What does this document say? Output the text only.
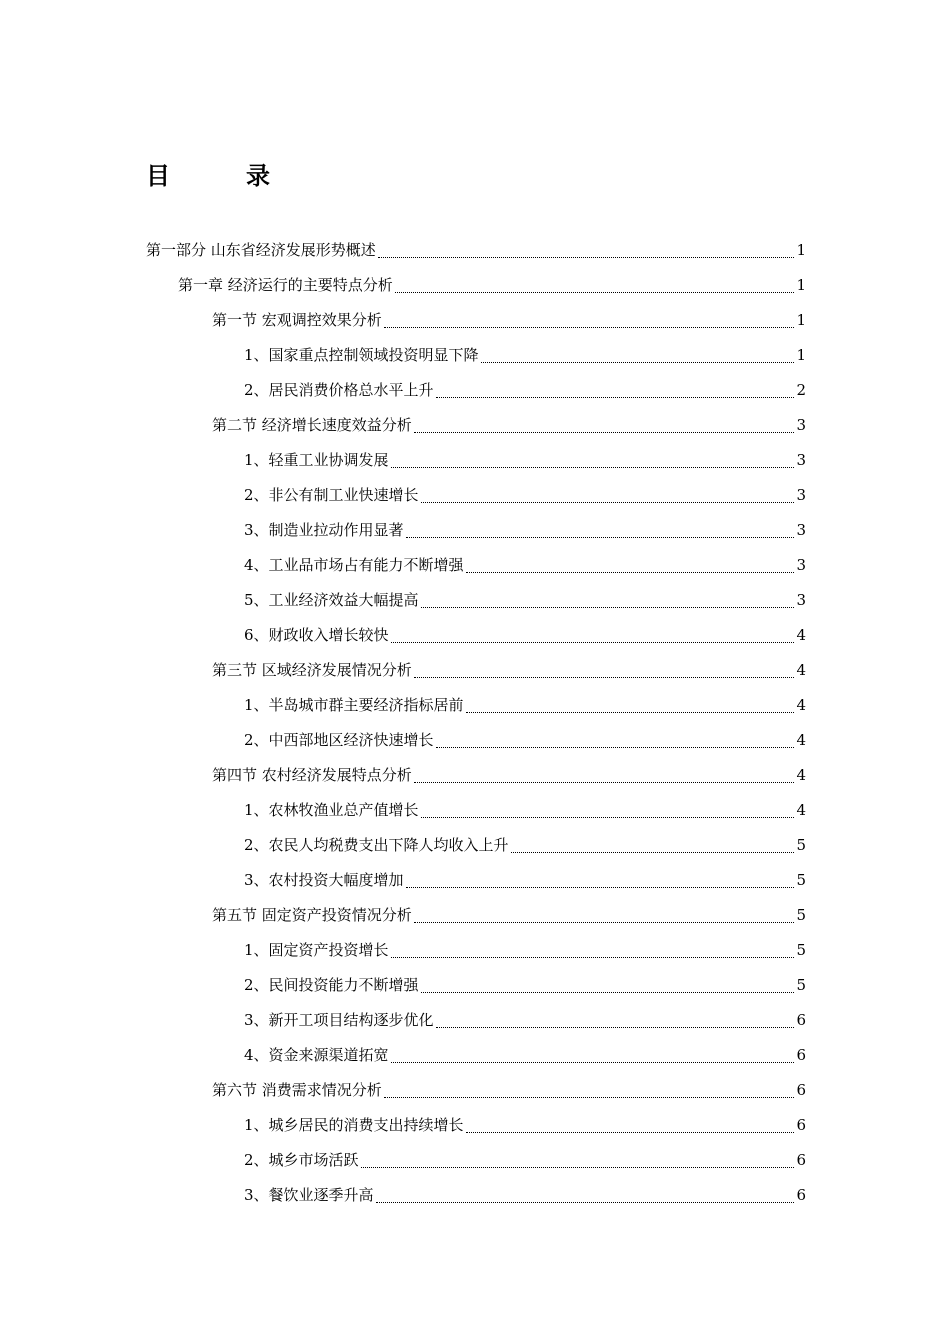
目　录
第一部分 山东省经济发展形势概述	1
第一章 经济运行的主要特点分析	1
第一节 宏观调控效果分析	1
1、国家重点控制领域投资明显下降	1
2、居民消费价格总水平上升	2
第二节 经济增长速度效益分析	3
1、轻重工业协调发展	3
2、非公有制工业快速增长	3
3、制造业拉动作用显著	3
4、工业品市场占有能力不断增强	3
5、工业经济效益大幅提高	3
6、财政收入增长较快	4
第三节 区域经济发展情况分析	4
1、半岛城市群主要经济指标居前	4
2、中西部地区经济快速增长	4
第四节 农村经济发展特点分析	4
1、农林牧渔业总产值增长	4
2、农民人均税费支出下降人均收入上升	5
3、农村投资大幅度增加	5
第五节 固定资产投资情况分析	5
1、固定资产投资增长	5
2、民间投资能力不断增强	5
3、新开工项目结构逐步优化	6
4、资金来源渠道拓宽	6
第六节 消费需求情况分析	6
1、城乡居民的消费支出持续增长	6
2、城乡市场活跃	6
3、餐饮业逐季升高	6
